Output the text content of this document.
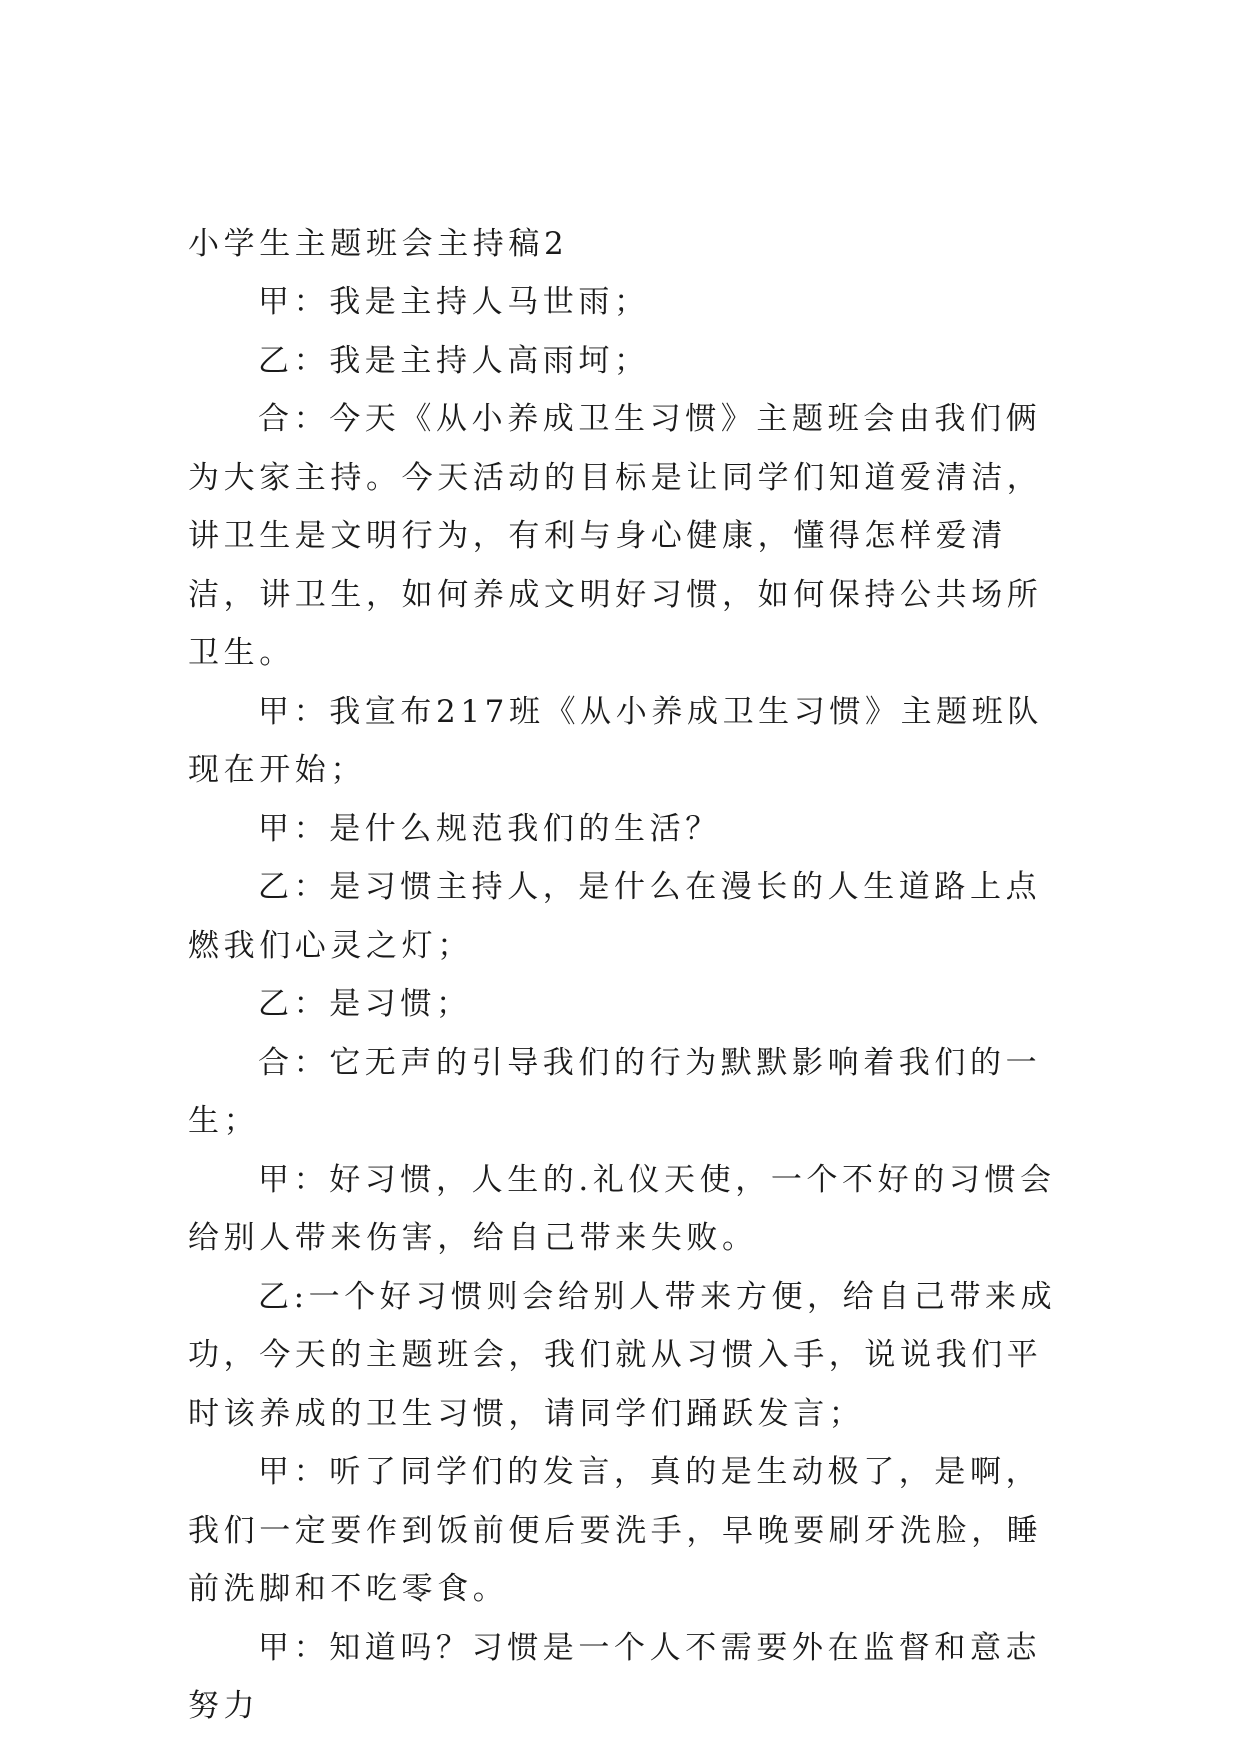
小学生主题班会主持稿2

甲：我是主持人马世雨；

乙：我是主持人高雨坷；

合：今天《从小养成卫生习惯》主题班会由我们俩为大家主持。今天活动的目标是让同学们知道爱清洁，讲卫生是文明行为，有利与身心健康，懂得怎样爱清洁，讲卫生，如何养成文明好习惯，如何保持公共场所卫生。

甲：我宣布217班《从小养成卫生习惯》主题班队现在开始；

甲：是什么规范我们的生活？

乙：是习惯主持人，是什么在漫长的人生道路上点燃我们心灵之灯；

乙：是习惯；

合：它无声的引导我们的行为默默影响着我们的一生；

甲：好习惯，人生的.礼仪天使，一个不好的习惯会给别人带来伤害，给自己带来失败。

乙:一个好习惯则会给别人带来方便，给自己带来成功，今天的主题班会，我们就从习惯入手，说说我们平时该养成的卫生习惯，请同学们踊跃发言；

甲：听了同学们的发言，真的是生动极了，是啊，我们一定要作到饭前便后要洗手，早晚要刷牙洗脸，睡前洗脚和不吃零食。

甲：知道吗？习惯是一个人不需要外在监督和意志努力
